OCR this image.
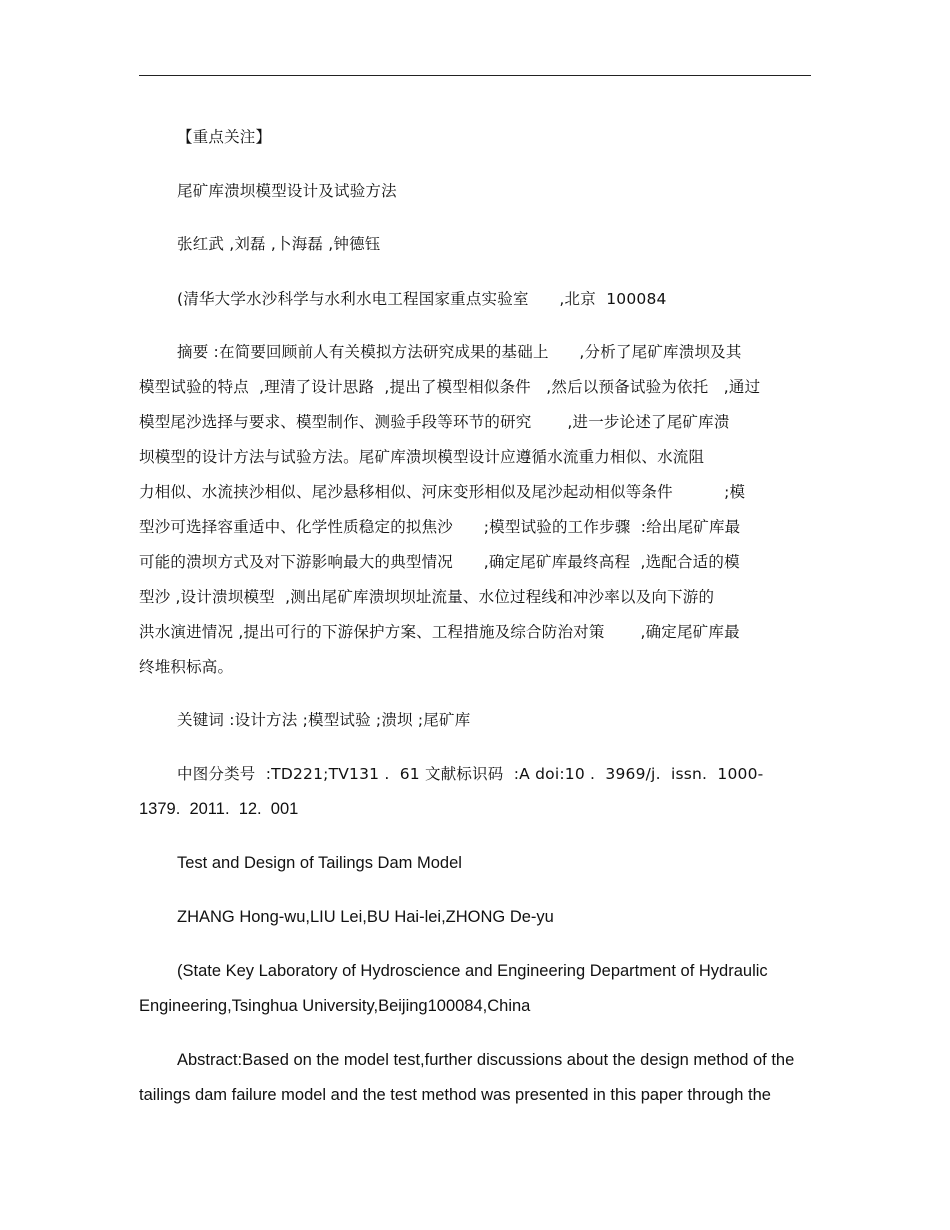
【重点关注】
尾矿库溃坝模型设计及试验方法
张红武 ,刘磊 ,卜海磊 ,钟德钰
(清华大学水沙科学与水利水电工程国家重点实验室      ,北京  100084
摘要 :在简要回顾前人有关模拟方法研究成果的基础上      ,分析了尾矿库溃坝及其
模型试验的特点  ,理清了设计思路  ,提出了模型相似条件   ,然后以预备试验为依托   ,通过
模型尾沙选择与要求、模型制作、测验手段等环节的研究       ,进一步论述了尾矿库溃
坝模型的设计方法与试验方法。尾矿库溃坝模型设计应遵循水流重力相似、水流阻
力相似、水流挟沙相似、尾沙悬移相似、河床变形相似及尾沙起动相似等条件          ;模
型沙可选择容重适中、化学性质稳定的拟焦沙      ;模型试验的工作步骤  :给出尾矿库最
可能的溃坝方式及对下游影响最大的典型情况      ,确定尾矿库最终高程  ,选配合适的模
型沙 ,设计溃坝模型  ,测出尾矿库溃坝坝址流量、水位过程线和冲沙率以及向下游的
洪水演进情况 ,提出可行的下游保护方案、工程措施及综合防治对策       ,确定尾矿库最
终堆积标高。
关键词 :设计方法 ;模型试验 ;溃坝 ;尾矿库
中图分类号  :TD221;TV131 .  61 文献标识码  :A doi:10 .  3969/j.  issn.  1000-
1379.  2011.  12.  001
Test and Design of Tailings Dam Model
ZHANG Hong-wu,LIU Lei,BU Hai-lei,ZHONG De-yu
(State Key Laboratory of Hydroscience and Engineering Department of Hydraulic
Engineering,Tsinghua University,Beijing100084,China
Abstract:Based on the model test,further discussions about the design method of the
tailings dam failure model and the test method was presented in this paper through the
